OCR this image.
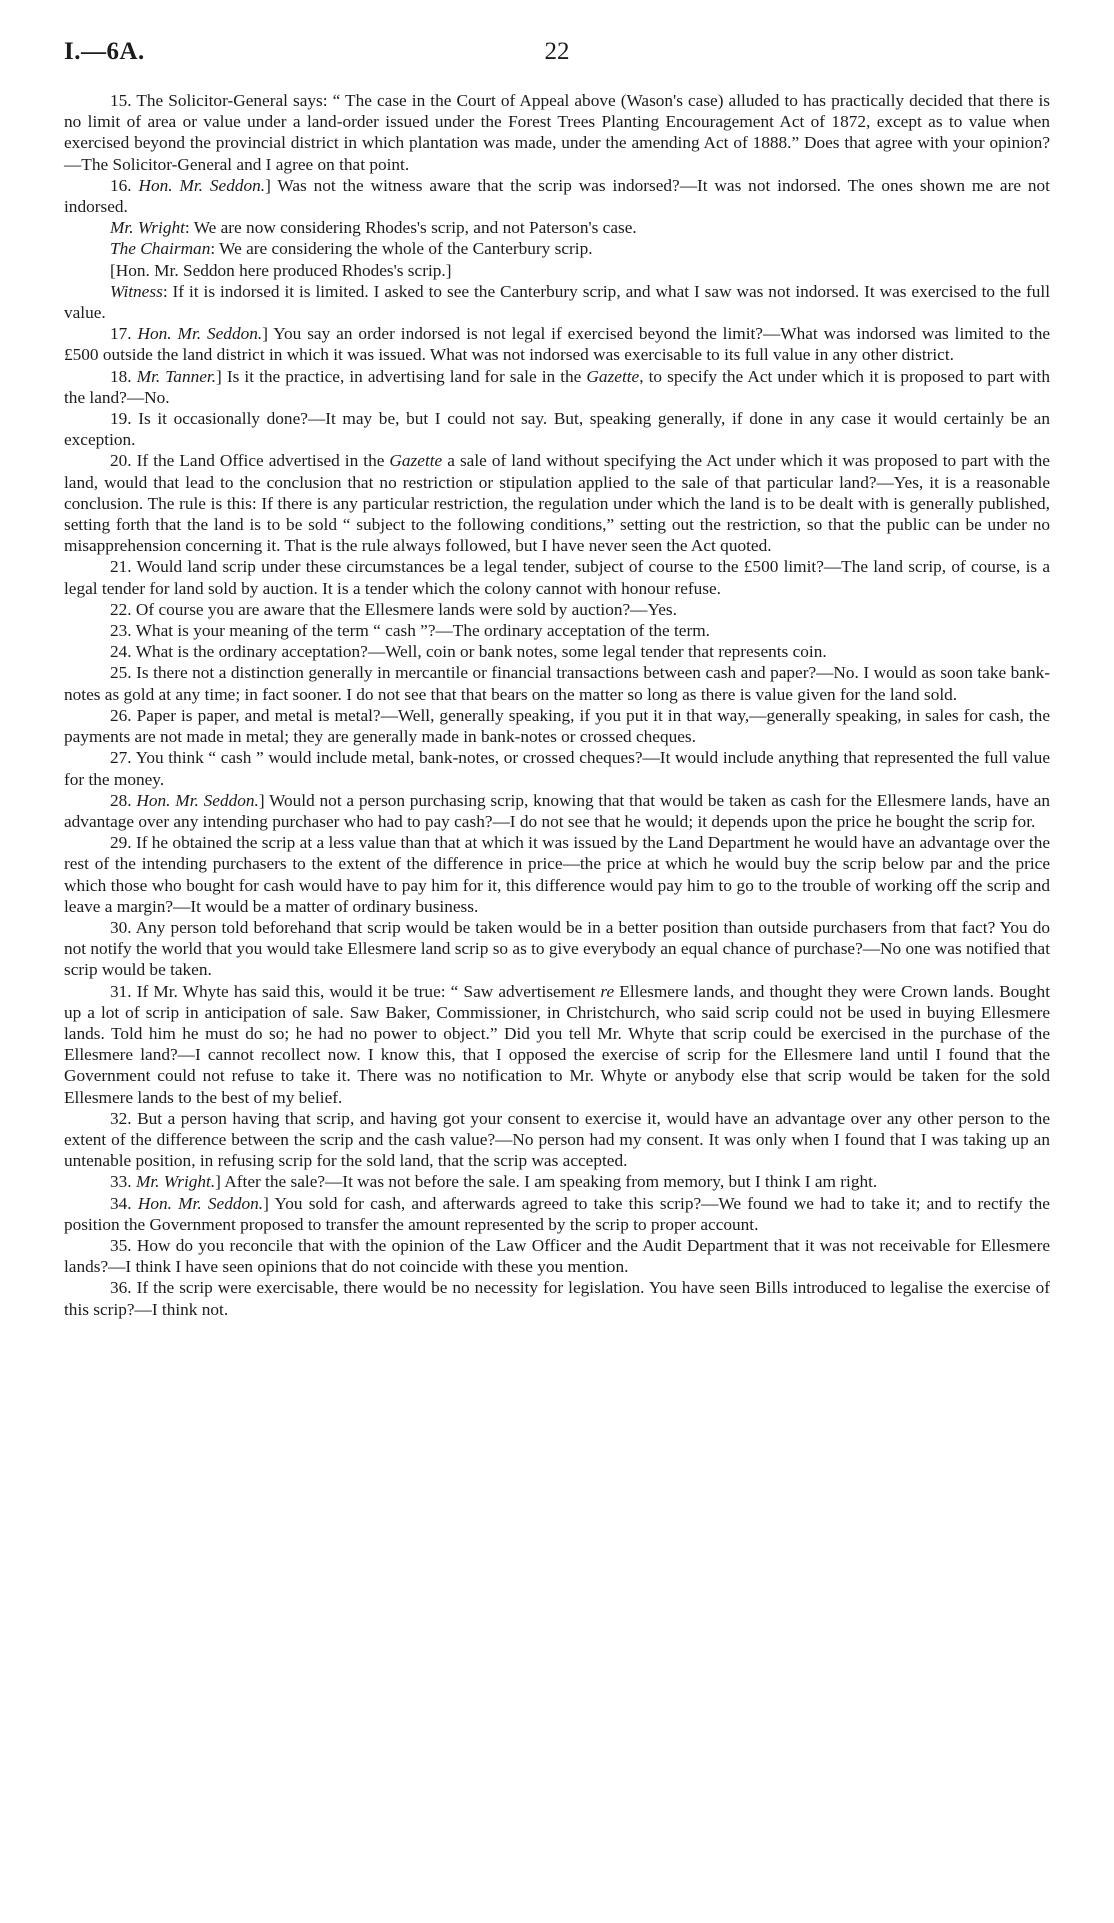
I.—6A.	22

15. The Solicitor-General says: “ The case in the Court of Appeal above (Wason's case) alluded to has practically decided that there is no limit of area or value under a land-order issued under the Forest Trees Planting Encouragement Act of 1872, except as to value when exercised beyond the provincial district in which plantation was made, under the amending Act of 1888.” Does that agree with your opinion?—The Solicitor-General and I agree on that point.

16. Hon. Mr. Seddon.] Was not the witness aware that the scrip was indorsed?—It was not indorsed. The ones shown me are not indorsed.

Mr. Wright: We are now considering Rhodes's scrip, and not Paterson's case.

The Chairman: We are considering the whole of the Canterbury scrip.

[Hon. Mr. Seddon here produced Rhodes's scrip.]

Witness: If it is indorsed it is limited. I asked to see the Canterbury scrip, and what I saw was not indorsed. It was exercised to the full value.

17. Hon. Mr. Seddon.] You say an order indorsed is not legal if exercised beyond the limit?—What was indorsed was limited to the £500 outside the land district in which it was issued. What was not indorsed was exercisable to its full value in any other district.

18. Mr. Tanner.] Is it the practice, in advertising land for sale in the Gazette, to specify the Act under which it is proposed to part with the land?—No.

19. Is it occasionally done?—It may be, but I could not say. But, speaking generally, if done in any case it would certainly be an exception.

20. If the Land Office advertised in the Gazette a sale of land without specifying the Act under which it was proposed to part with the land, would that lead to the conclusion that no restriction or stipulation applied to the sale of that particular land?—Yes, it is a reasonable conclusion. The rule is this: If there is any particular restriction, the regulation under which the land is to be dealt with is generally published, setting forth that the land is to be sold “ subject to the following conditions,” setting out the restriction, so that the public can be under no misapprehension concerning it. That is the rule always followed, but I have never seen the Act quoted.

21. Would land scrip under these circumstances be a legal tender, subject of course to the £500 limit?—The land scrip, of course, is a legal tender for land sold by auction. It is a tender which the colony cannot with honour refuse.

22. Of course you are aware that the Ellesmere lands were sold by auction?—Yes.

23. What is your meaning of the term “ cash ”?—The ordinary acceptation of the term.

24. What is the ordinary acceptation?—Well, coin or bank notes, some legal tender that represents coin.

25. Is there not a distinction generally in mercantile or financial transactions between cash and paper?—No. I would as soon take bank-notes as gold at any time; in fact sooner. I do not see that that bears on the matter so long as there is value given for the land sold.

26. Paper is paper, and metal is metal?—Well, generally speaking, if you put it in that way,—generally speaking, in sales for cash, the payments are not made in metal; they are generally made in bank-notes or crossed cheques.

27. You think “ cash ” would include metal, bank-notes, or crossed cheques?—It would include anything that represented the full value for the money.

28. Hon. Mr. Seddon.] Would not a person purchasing scrip, knowing that that would be taken as cash for the Ellesmere lands, have an advantage over any intending purchaser who had to pay cash?—I do not see that he would; it depends upon the price he bought the scrip for.

29. If he obtained the scrip at a less value than that at which it was issued by the Land Department he would have an advantage over the rest of the intending purchasers to the extent of the difference in price—the price at which he would buy the scrip below par and the price which those who bought for cash would have to pay him for it, this difference would pay him to go to the trouble of working off the scrip and leave a margin?—It would be a matter of ordinary business.

30. Any person told beforehand that scrip would be taken would be in a better position than outside purchasers from that fact? You do not notify the world that you would take Ellesmere land scrip so as to give everybody an equal chance of purchase?—No one was notified that scrip would be taken.

31. If Mr. Whyte has said this, would it be true: “ Saw advertisement re Ellesmere lands, and thought they were Crown lands. Bought up a lot of scrip in anticipation of sale. Saw Baker, Commissioner, in Christchurch, who said scrip could not be used in buying Ellesmere lands. Told him he must do so; he had no power to object.” Did you tell Mr. Whyte that scrip could be exercised in the purchase of the Ellesmere land?—I cannot recollect now. I know this, that I opposed the exercise of scrip for the Ellesmere land until I found that the Government could not refuse to take it. There was no notification to Mr. Whyte or anybody else that scrip would be taken for the sold Ellesmere lands to the best of my belief.

32. But a person having that scrip, and having got your consent to exercise it, would have an advantage over any other person to the extent of the difference between the scrip and the cash value?—No person had my consent. It was only when I found that I was taking up an untenable position, in refusing scrip for the sold land, that the scrip was accepted.

33. Mr. Wright.] After the sale?—It was not before the sale. I am speaking from memory, but I think I am right.

34. Hon. Mr. Seddon.] You sold for cash, and afterwards agreed to take this scrip?—We found we had to take it; and to rectify the position the Government proposed to transfer the amount represented by the scrip to proper account.

35. How do you reconcile that with the opinion of the Law Officer and the Audit Department that it was not receivable for Ellesmere lands?—I think I have seen opinions that do not coincide with these you mention.

36. If the scrip were exercisable, there would be no necessity for legislation. You have seen Bills introduced to legalise the exercise of this scrip?—I think not.
